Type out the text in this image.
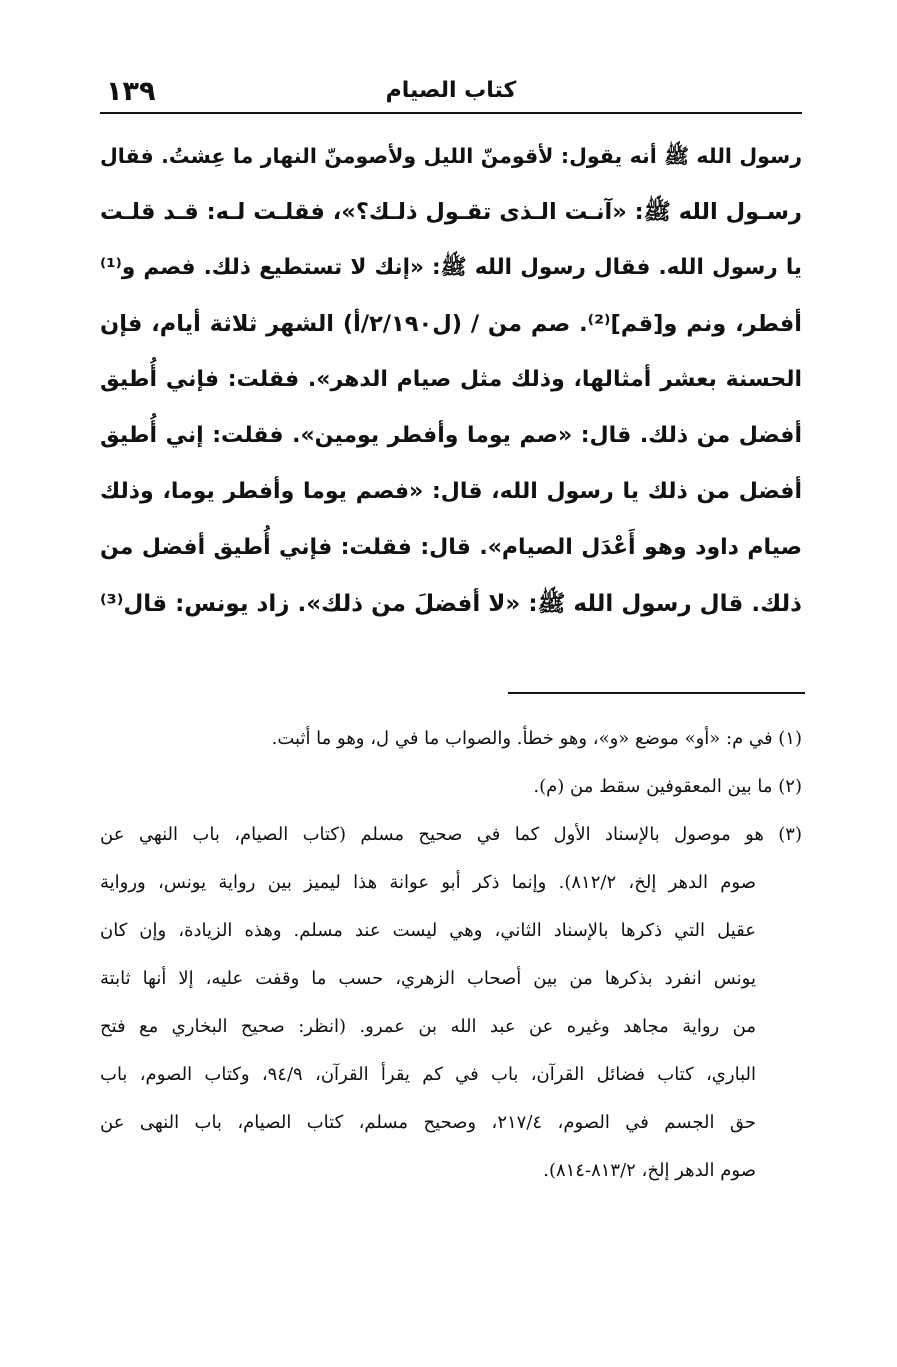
١٣٩	كتاب الصيام
رسول الله ﷺ أنه يقول: لأقومنّ الليل ولأصومنّ النهار ما عِشتُ. فقال
رسـول الله ﷺ: «آنـت الـذى تقـول ذلـك؟»، فقلـت لـه: قـد قلـت
يا رسول الله. فقال رسول الله ﷺ: «إنك لا تستطيع ذلك. فصم و⁽¹⁾
أفطر، ونم و[قم]⁽²⁾. صم من / (ل٢/١٩٠/أ) الشهر ثلاثة أيام، فإن
الحسنة بعشر أمثالها، وذلك مثل صيام الدهر». فقلت: فإني أُطيق
أفضل من ذلك. قال: «صم يوما وأفطر يومين». فقلت: إني أُطيق
أفضل من ذلك يا رسول الله، قال: «فصم يوما وأفطر يوما، وذلك
صيام داود وهو أَعْدَل الصيام». قال: فقلت: فإني أُطيق أفضل من
ذلك. قال رسول الله ﷺ: «لا أفضلَ من ذلك». زاد يونس: قال⁽³⁾
(١) في م: «أو» موضع «و»، وهو خطأ. والصواب ما في ل، وهو ما أثبت.
(٢) ما بين المعقوفين سقط من (م).
(٣) هو موصول بالإسناد الأول كما في صحيح مسلم (كتاب الصيام، باب النهي عن
صوم الدهر إلخ، ٨١٢/٢). وإنما ذكر أبو عوانة هذا ليميز بين رواية يونس، ورواية
عقيل التي ذكرها بالإسناد الثاني، وهي ليست عند مسلم. وهذه الزيادة، وإن كان
يونس انفرد بذكرها من بين أصحاب الزهري، حسب ما وقفت عليه، إلا أنها ثابتة
من رواية مجاهد وغيره عن عبد الله بن عمرو. (انظر: صحيح البخاري مع فتح
الباري، كتاب فضائل القرآن، باب في كم يقرأ القرآن، ٩٤/٩، وكتاب الصوم، باب
حق الجسم في الصوم، ٢١٧/٤، وصحيح مسلم، كتاب الصيام، باب النهى عن
صوم الدهر إلخ، ٨١٣/٢-٨١٤).
